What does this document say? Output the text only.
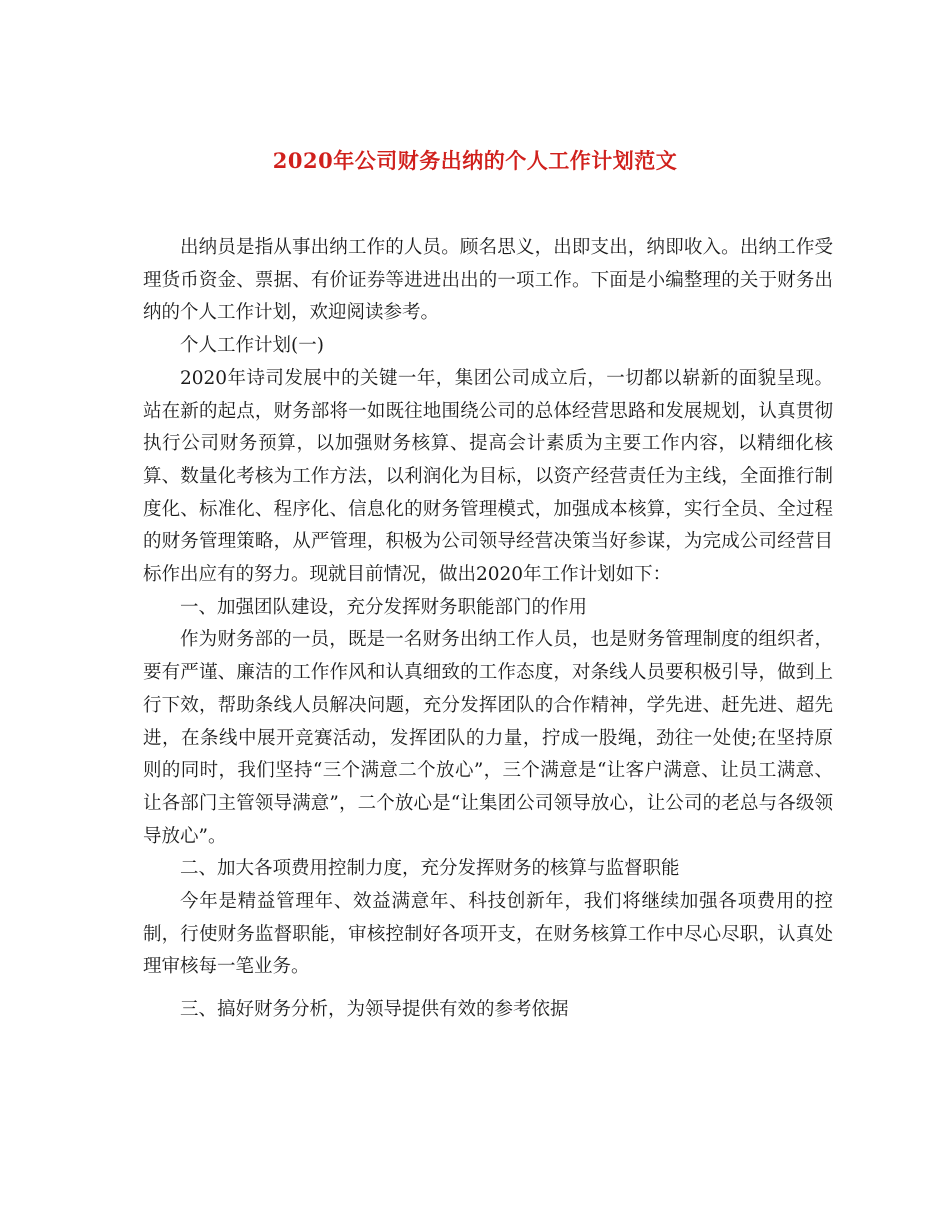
2020年公司财务出纳的个人工作计划范文

出纳员是指从事出纳工作的人员。顾名思义，出即支出，纳即收入。出纳工作受理货币资金、票据、有价证券等进进出出的一项工作。下面是小编整理的关于财务出纳的个人工作计划，欢迎阅读参考。

个人工作计划(一)

2020年诗司发展中的关键一年，集团公司成立后，一切都以崭新的面貌呈现。站在新的起点，财务部将一如既往地围绕公司的总体经营思路和发展规划，认真贯彻执行公司财务预算，以加强财务核算、提高会计素质为主要工作内容，以精细化核算、数量化考核为工作方法，以利润化为目标，以资产经营责任为主线，全面推行制度化、标准化、程序化、信息化的财务管理模式，加强成本核算，实行全员、全过程的财务管理策略，从严管理，积极为公司领导经营决策当好参谋，为完成公司经营目标作出应有的努力。现就目前情况，做出2020年工作计划如下：

一、加强团队建设，充分发挥财务职能部门的作用

作为财务部的一员，既是一名财务出纳工作人员，也是财务管理制度的组织者，要有严谨、廉洁的工作作风和认真细致的工作态度，对条线人员要积极引导，做到上行下效，帮助条线人员解决问题，充分发挥团队的合作精神，学先进、赶先进、超先进，在条线中展开竞赛活动，发挥团队的力量，拧成一股绳，劲往一处使;在坚持原则的同时，我们坚持“三个满意二个放心”，三个满意是“让客户满意、让员工满意、让各部门主管领导满意”，二个放心是“让集团公司领导放心，让公司的老总与各级领导放心”。

二、加大各项费用控制力度，充分发挥财务的核算与监督职能

今年是精益管理年、效益满意年、科技创新年，我们将继续加强各项费用的控制，行使财务监督职能，审核控制好各项开支，在财务核算工作中尽心尽职，认真处理审核每一笔业务。

三、搞好财务分析，为领导提供有效的参考依据
